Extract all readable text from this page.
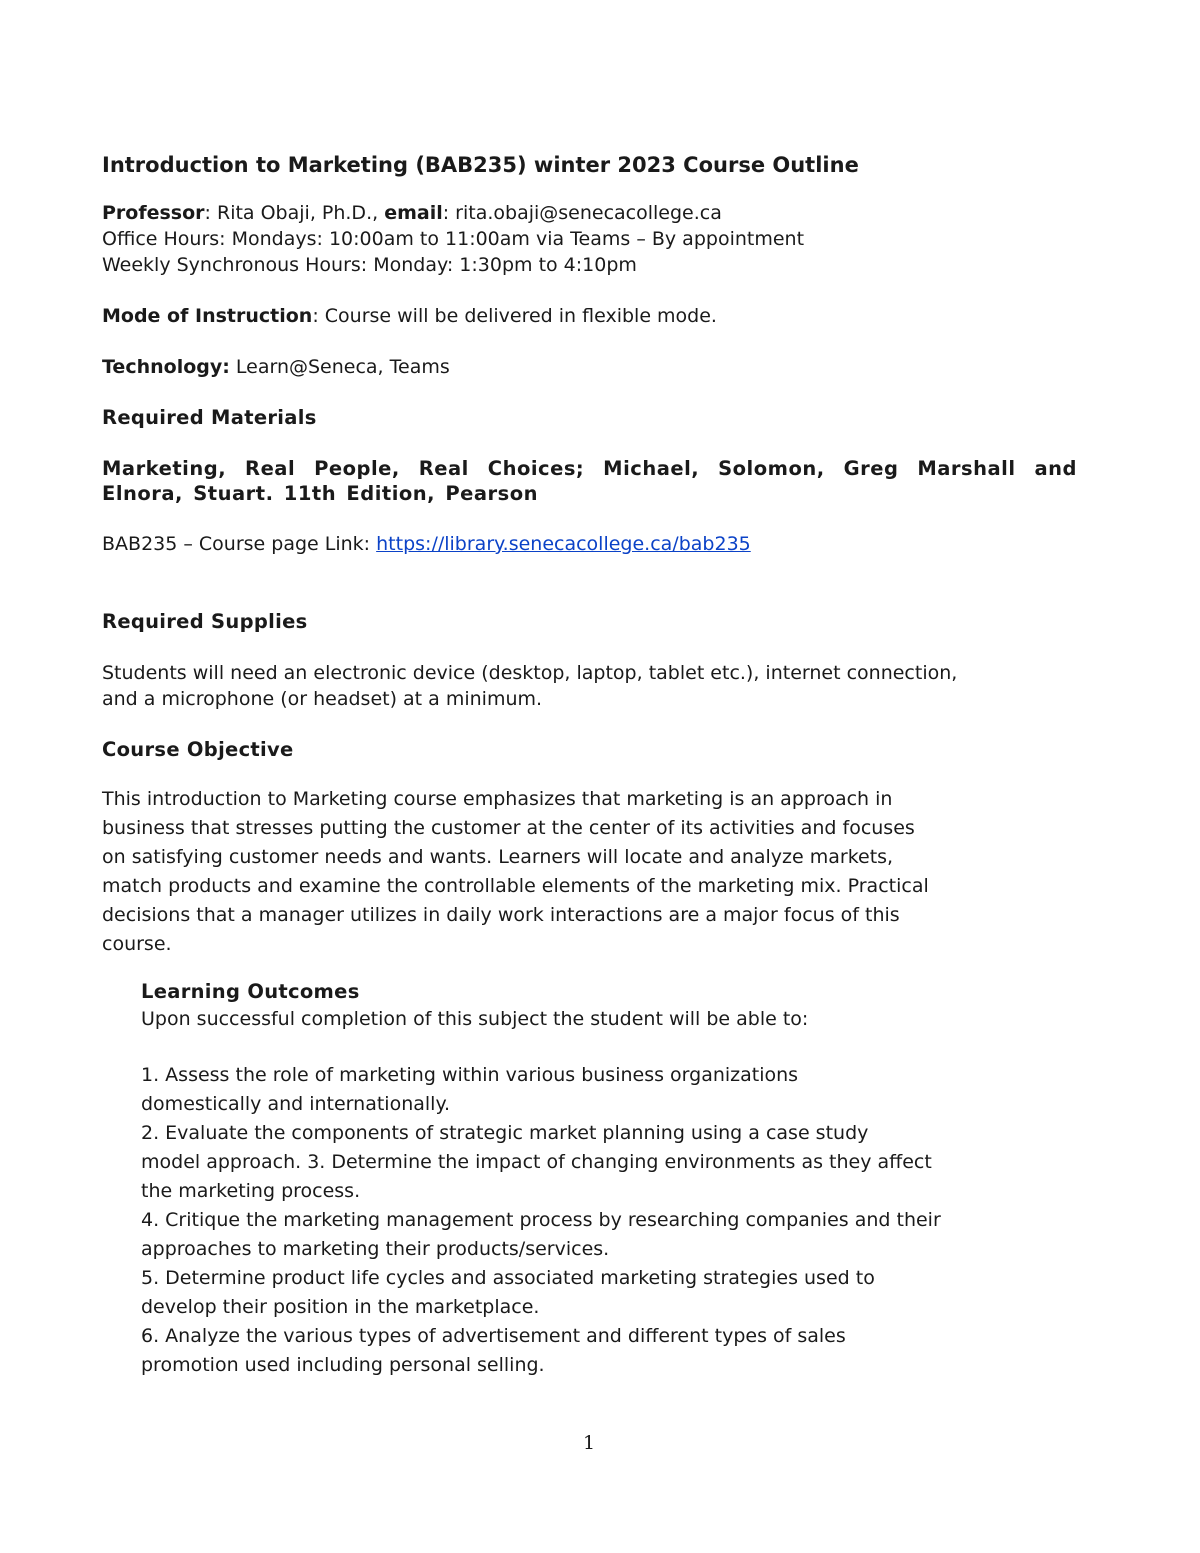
Introduction to Marketing (BAB235) winter 2023 Course Outline
Professor: Rita Obaji, Ph.D., email: rita.obaji@senecacollege.ca
Office Hours: Mondays: 10:00am to 11:00am via Teams – By appointment
Weekly Synchronous Hours: Monday: 1:30pm to 4:10pm
Mode of Instruction: Course will be delivered in flexible mode.
Technology: Learn@Seneca, Teams
Required Materials
Marketing, Real People, Real Choices; Michael, Solomon, Greg Marshall and Elnora, Stuart. 11th Edition, Pearson
BAB235 – Course page Link: https://library.senecacollege.ca/bab235
Required Supplies
Students will need an electronic device (desktop, laptop, tablet etc.), internet connection,
and a microphone (or headset) at a minimum.
Course Objective
This introduction to Marketing course emphasizes that marketing is an approach in
business that stresses putting the customer at the center of its activities and focuses
on satisfying customer needs and wants. Learners will locate and analyze markets,
match products and examine the controllable elements of the marketing mix. Practical
decisions that a manager utilizes in daily work interactions are a major focus of this
course.
Learning Outcomes
Upon successful completion of this subject the student will be able to:
1. Assess the role of marketing within various business organizations
domestically and internationally.
2. Evaluate the components of strategic market planning using a case study
model approach. 3. Determine the impact of changing environments as they affect
the marketing process.
4. Critique the marketing management process by researching companies and their
approaches to marketing their products/services.
5. Determine product life cycles and associated marketing strategies used to
develop their position in the marketplace.
6. Analyze the various types of advertisement and different types of sales
promotion used including personal selling.
1
